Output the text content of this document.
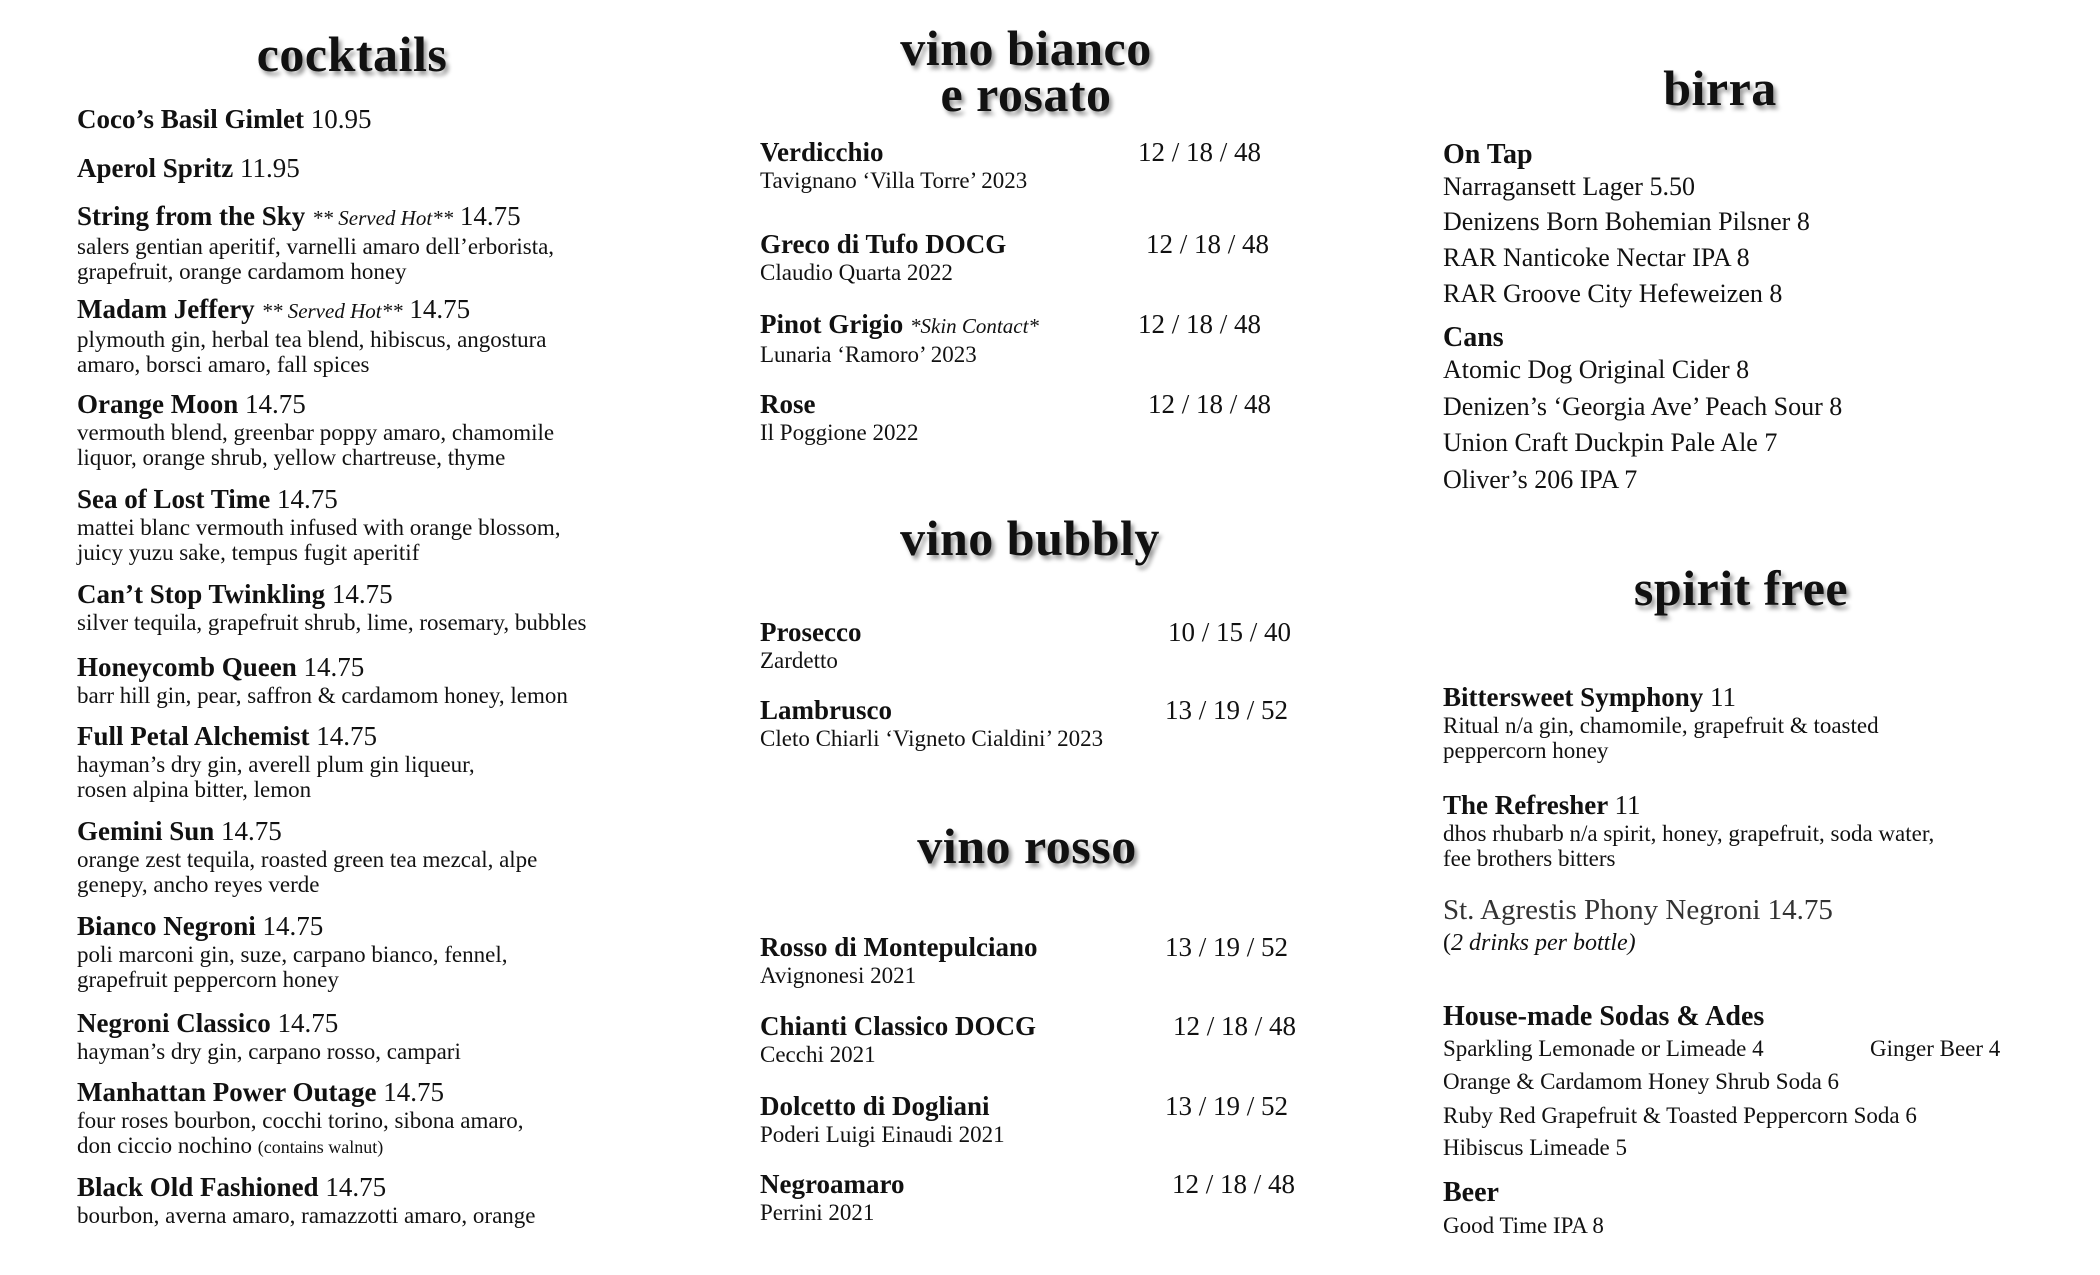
cocktails	vino bianco
e rosato	birra
vino bubbly
vino rosso
spirit free
Coco’s Basil Gimlet 10.95
Aperol Spritz 11.95
String from the Sky ** Served Hot** 14.75
salers gentian aperitif, varnelli amaro dell’erborista,
grapefruit, orange cardamom honey
Madam Jeffery ** Served Hot** 14.75
plymouth gin, herbal tea blend, hibiscus, angostura
amaro, borsci amaro, fall spices
Orange Moon 14.75
vermouth blend, greenbar poppy amaro, chamomile
liquor, orange shrub, yellow chartreuse, thyme
Sea of Lost Time 14.75
mattei blanc vermouth infused with orange blossom,
juicy yuzu sake, tempus fugit aperitif
Can’t Stop Twinkling 14.75
silver tequila, grapefruit shrub, lime, rosemary, bubbles
Honeycomb Queen 14.75
barr hill gin, pear, saffron & cardamom honey, lemon
Full Petal Alchemist 14.75
hayman’s dry gin, averell plum gin liqueur,
rosen alpina bitter, lemon
Gemini Sun 14.75
orange zest tequila, roasted green tea mezcal, alpe
genepy, ancho reyes verde
Bianco Negroni 14.75
poli marconi gin, suze, carpano bianco, fennel,
grapefruit peppercorn honey
Negroni Classico 14.75
hayman’s dry gin, carpano rosso, campari
Manhattan Power Outage 14.75
four roses bourbon, cocchi torino, sibona amaro,
don ciccio nochino (contains walnut)
Black Old Fashioned 14.75
bourbon, averna amaro, ramazzotti amaro, orange
Verdicchio
Tavignano ‘Villa Torre’ 2023
12 / 18 / 48
Greco di Tufo DOCG
Claudio Quarta 2022
12 / 18 / 48
Pinot Grigio *Skin Contact*
Lunaria ‘Ramoro’ 2023
12 / 18 / 48
Rose
Il Poggione 2022
12 / 18 / 48
Prosecco
Zardetto
10 / 15 / 40
Lambrusco
Cleto Chiarli ‘Vigneto Cialdini’ 2023
13 / 19 / 52
Rosso di Montepulciano
Avignonesi 2021
13 / 19 / 52
Chianti Classico DOCG
Cecchi 2021
12 / 18 / 48
Dolcetto di Dogliani
Poderi Luigi Einaudi 2021
13 / 19 / 52
Negroamaro
Perrini 2021
12 / 18 / 48
On Tap
Narragansett Lager 5.50
Denizens Born Bohemian Pilsner 8
RAR Nanticoke Nectar IPA 8
RAR Groove City Hefeweizen 8
Cans
Atomic Dog Original Cider 8
Denizen’s ‘Georgia Ave’ Peach Sour 8
Union Craft Duckpin Pale Ale 7
Oliver’s 206 IPA 7
Bittersweet Symphony 11
Ritual n/a gin, chamomile, grapefruit & toasted
peppercorn honey
The Refresher 11
dhos rhubarb n/a spirit, honey, grapefruit, soda water,
fee brothers bitters
St. Agrestis Phony Negroni 14.75
(2 drinks per bottle)
House-made Sodas & Ades
Sparkling Lemonade or Limeade 4
Orange & Cardamom Honey Shrub Soda 6
Ruby Red Grapefruit & Toasted Peppercorn Soda 6
Hibiscus Limeade 5
Ginger Beer 4
Beer
Good Time IPA 8
